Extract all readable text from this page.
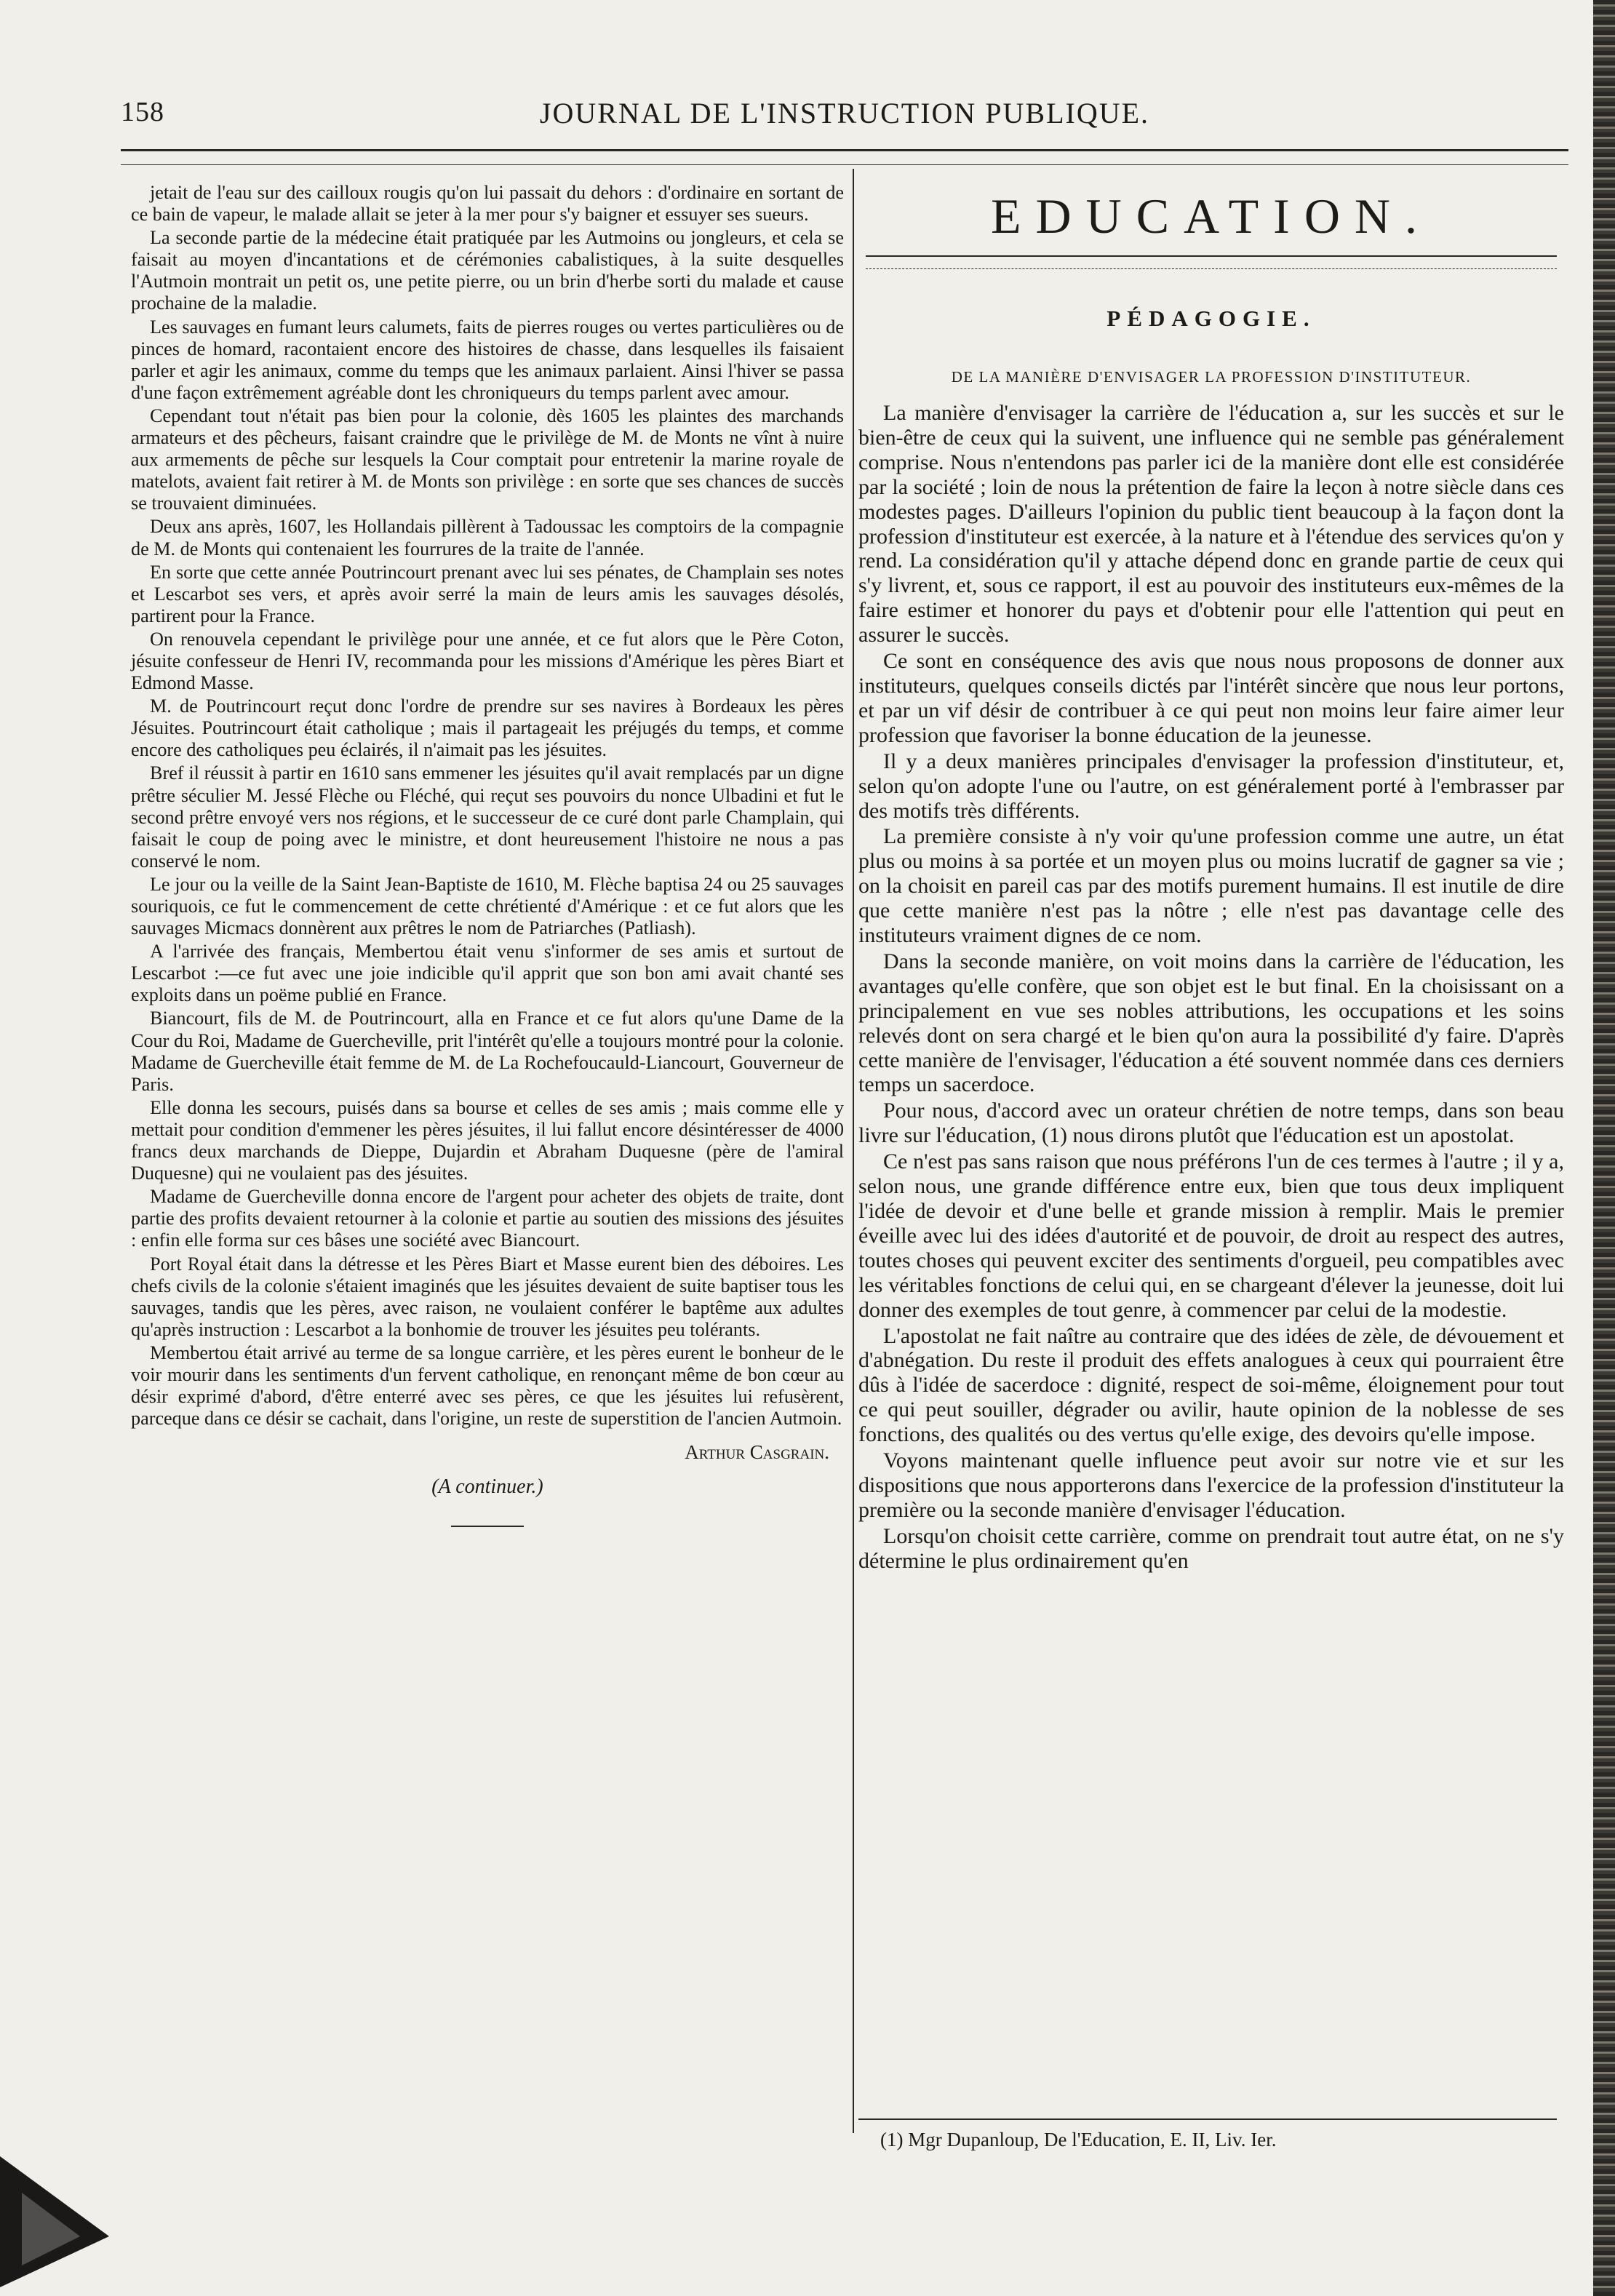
158	JOURNAL DE L'INSTRUCTION PUBLIQUE.

jetait de l'eau sur des cailloux rougis qu'on lui passait du dehors : d'ordinaire en sortant de ce bain de vapeur, le malade allait se jeter à la mer pour s'y baigner et essuyer ses sueurs.

La seconde partie de la médecine était pratiquée par les Autmoins ou jongleurs, et cela se faisait au moyen d'incantations et de cérémonies cabalistiques, à la suite desquelles l'Autmoin montrait un petit os, une petite pierre, ou un brin d'herbe sorti du malade et cause prochaine de la maladie.

Les sauvages en fumant leurs calumets, faits de pierres rouges ou vertes particulières ou de pinces de homard, racontaient encore des histoires de chasse, dans lesquelles ils faisaient parler et agir les animaux, comme du temps que les animaux parlaient. Ainsi l'hiver se passa d'une façon extrêmement agréable dont les chroniqueurs du temps parlent avec amour.

Cependant tout n'était pas bien pour la colonie, dès 1605 les plaintes des marchands armateurs et des pêcheurs, faisant craindre que le privilège de M. de Monts ne vînt à nuire aux armements de pêche sur lesquels la Cour comptait pour entretenir la marine royale de matelots, avaient fait retirer à M. de Monts son privilège : en sorte que ses chances de succès se trouvaient diminuées.

Deux ans après, 1607, les Hollandais pillèrent à Tadoussac les comptoirs de la compagnie de M. de Monts qui contenaient les fourrures de la traite de l'année.

En sorte que cette année Poutrincourt prenant avec lui ses pénates, de Champlain ses notes et Lescarbot ses vers, et après avoir serré la main de leurs amis les sauvages désolés, partirent pour la France.

On renouvela cependant le privilège pour une année, et ce fut alors que le Père Coton, jésuite confesseur de Henri IV, recommanda pour les missions d'Amérique les pères Biart et Edmond Masse.

M. de Poutrincourt reçut donc l'ordre de prendre sur ses navires à Bordeaux les pères Jésuites. Poutrincourt était catholique ; mais il partageait les préjugés du temps, et comme encore des catholiques peu éclairés, il n'aimait pas les jésuites.

Bref il réussit à partir en 1610 sans emmener les jésuites qu'il avait remplacés par un digne prêtre séculier M. Jessé Flèche ou Fléché, qui reçut ses pouvoirs du nonce Ulbadini et fut le second prêtre envoyé vers nos régions, et le successeur de ce curé dont parle Champlain, qui faisait le coup de poing avec le ministre, et dont heureusement l'histoire ne nous a pas conservé le nom.

Le jour ou la veille de la Saint Jean-Baptiste de 1610, M. Flèche baptisa 24 ou 25 sauvages souriquois, ce fut le commencement de cette chrétienté d'Amérique : et ce fut alors que les sauvages Micmacs donnèrent aux prêtres le nom de Patriarches (Patliash).

A l'arrivée des français, Membertou était venu s'informer de ses amis et surtout de Lescarbot :—ce fut avec une joie indicible qu'il apprit que son bon ami avait chanté ses exploits dans un poëme publié en France.

Biancourt, fils de M. de Poutrincourt, alla en France et ce fut alors qu'une Dame de la Cour du Roi, Madame de Guercheville, prit l'intérêt qu'elle a toujours montré pour la colonie. Madame de Guercheville était femme de M. de La Rochefoucauld-Liancourt, Gouverneur de Paris.

Elle donna les secours, puisés dans sa bourse et celles de ses amis ; mais comme elle y mettait pour condition d'emmener les pères jésuites, il lui fallut encore désintéresser de 4000 francs deux marchands de Dieppe, Dujardin et Abraham Duquesne (père de l'amiral Duquesne) qui ne voulaient pas des jésuites.

Madame de Guercheville donna encore de l'argent pour acheter des objets de traite, dont partie des profits devaient retourner à la colonie et partie au soutien des missions des jésuites : enfin elle forma sur ces bâses une société avec Biancourt.

Port Royal était dans la détresse et les Pères Biart et Masse eurent bien des déboires. Les chefs civils de la colonie s'étaient imaginés que les jésuites devaient de suite baptiser tous les sauvages, tandis que les pères, avec raison, ne voulaient conférer le baptême aux adultes qu'après instruction : Lescarbot a la bonhomie de trouver les jésuites peu tolérants.

Membertou était arrivé au terme de sa longue carrière, et les pères eurent le bonheur de le voir mourir dans les sentiments d'un fervent catholique, en renonçant même de bon cœur au désir exprimé d'abord, d'être enterré avec ses pères, ce que les jésuites lui refusèrent, parceque dans ce désir se cachait, dans l'origine, un reste de superstition de l'ancien Autmoin.

Arthur Casgrain.

(A continuer.)

EDUCATION.
PÉDAGOGIE.
DE LA MANIÈRE D'ENVISAGER LA PROFESSION D'INSTITUTEUR.

La manière d'envisager la carrière de l'éducation a, sur les succès et sur le bien-être de ceux qui la suivent, une influence qui ne semble pas généralement comprise. Nous n'entendons pas parler ici de la manière dont elle est considérée par la société ; loin de nous la prétention de faire la leçon à notre siècle dans ces modestes pages. D'ailleurs l'opinion du public tient beaucoup à la façon dont la profession d'instituteur est exercée, à la nature et à l'étendue des services qu'on y rend. La considération qu'il y attache dépend donc en grande partie de ceux qui s'y livrent, et, sous ce rapport, il est au pouvoir des instituteurs eux-mêmes de la faire estimer et honorer du pays et d'obtenir pour elle l'attention qui peut en assurer le succès.

Ce sont en conséquence des avis que nous nous proposons de donner aux instituteurs, quelques conseils dictés par l'intérêt sincère que nous leur portons, et par un vif désir de contribuer à ce qui peut non moins leur faire aimer leur profession que favoriser la bonne éducation de la jeunesse.

Il y a deux manières principales d'envisager la profession d'instituteur, et, selon qu'on adopte l'une ou l'autre, on est généralement porté à l'embrasser par des motifs très différents.

La première consiste à n'y voir qu'une profession comme une autre, un état plus ou moins à sa portée et un moyen plus ou moins lucratif de gagner sa vie ; on la choisit en pareil cas par des motifs purement humains. Il est inutile de dire que cette manière n'est pas la nôtre ; elle n'est pas davantage celle des instituteurs vraiment dignes de ce nom.

Dans la seconde manière, on voit moins dans la carrière de l'éducation, les avantages qu'elle confère, que son objet est le but final. En la choisissant on a principalement en vue ses nobles attributions, les occupations et les soins relevés dont on sera chargé et le bien qu'on aura la possibilité d'y faire. D'après cette manière de l'envisager, l'éducation a été souvent nommée dans ces derniers temps un sacerdoce.

Pour nous, d'accord avec un orateur chrétien de notre temps, dans son beau livre sur l'éducation, (1) nous dirons plutôt que l'éducation est un apostolat.

Ce n'est pas sans raison que nous préférons l'un de ces termes à l'autre ; il y a, selon nous, une grande différence entre eux, bien que tous deux impliquent l'idée de devoir et d'une belle et grande mission à remplir. Mais le premier éveille avec lui des idées d'autorité et de pouvoir, de droit au respect des autres, toutes choses qui peuvent exciter des sentiments d'orgueil, peu compatibles avec les véritables fonctions de celui qui, en se chargeant d'élever la jeunesse, doit lui donner des exemples de tout genre, à commencer par celui de la modestie.

L'apostolat ne fait naître au contraire que des idées de zèle, de dévouement et d'abnégation. Du reste il produit des effets analogues à ceux qui pourraient être dûs à l'idée de sacerdoce : dignité, respect de soi-même, éloignement pour tout ce qui peut souiller, dégrader ou avilir, haute opinion de la noblesse de ses fonctions, des qualités ou des vertus qu'elle exige, des devoirs qu'elle impose.

Voyons maintenant quelle influence peut avoir sur notre vie et sur les dispositions que nous apporterons dans l'exercice de la profession d'instituteur la première ou la seconde manière d'envisager l'éducation.

Lorsqu'on choisit cette carrière, comme on prendrait tout autre état, on ne s'y détermine le plus ordinairement qu'en

(1) Mgr Dupanloup, De l'Education, E. II, Liv. Ier.
